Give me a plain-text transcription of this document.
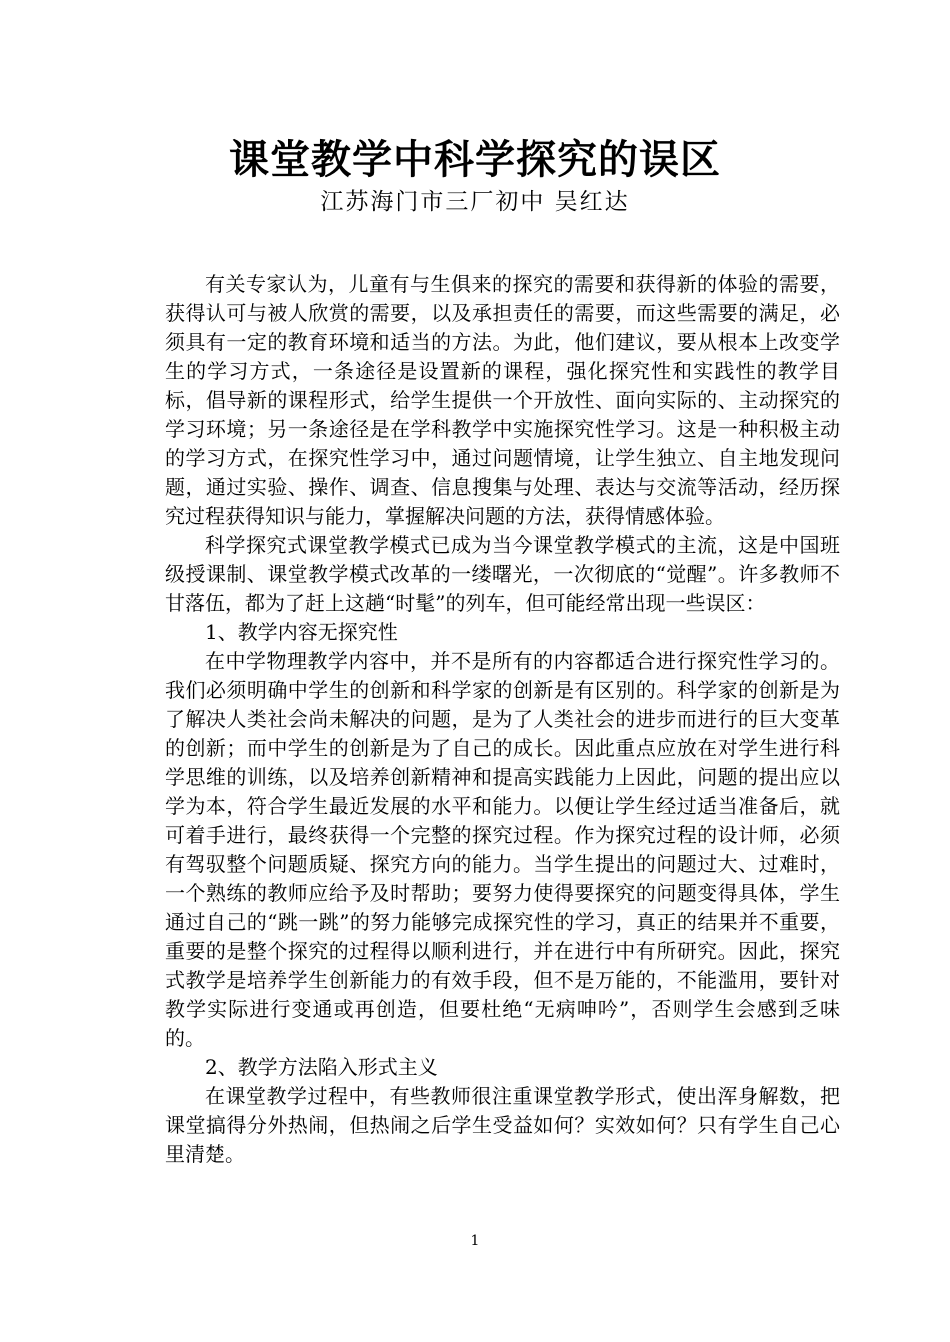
课堂教学中科学探究的误区
江苏海门市三厂初中 吴红达

有关专家认为，儿童有与生俱来的探究的需要和获得新的体验的需要，获得认可与被人欣赏的需要，以及承担责任的需要，而这些需要的满足，必须具有一定的教育环境和适当的方法。为此，他们建议，要从根本上改变学生的学习方式，一条途径是设置新的课程，强化探究性和实践性的教学目标，倡导新的课程形式，给学生提供一个开放性、面向实际的、主动探究的学习环境；另一条途径是在学科教学中实施探究性学习。这是一种积极主动的学习方式，在探究性学习中，通过问题情境，让学生独立、自主地发现问题，通过实验、操作、调查、信息搜集与处理、表达与交流等活动，经历探究过程获得知识与能力，掌握解决问题的方法，获得情感体验。

科学探究式课堂教学模式已成为当今课堂教学模式的主流，这是中国班级授课制、课堂教学模式改革的一缕曙光，一次彻底的“觉醒”。许多教师不甘落伍，都为了赶上这趟“时髦”的列车，但可能经常出现一些误区：

1、教学内容无探究性

在中学物理教学内容中，并不是所有的内容都适合进行探究性学习的。我们必须明确中学生的创新和科学家的创新是有区别的。科学家的创新是为了解决人类社会尚未解决的问题，是为了人类社会的进步而进行的巨大变革的创新；而中学生的创新是为了自己的成长。因此重点应放在对学生进行科学思维的训练，以及培养创新精神和提高实践能力上因此，问题的提出应以学为本，符合学生最近发展的水平和能力。以便让学生经过适当准备后，就可着手进行，最终获得一个完整的探究过程。作为探究过程的设计师，必须有驾驭整个问题质疑、探究方向的能力。当学生提出的问题过大、过难时，一个熟练的教师应给予及时帮助；要努力使得要探究的问题变得具体，学生通过自己的“跳一跳”的努力能够完成探究性的学习，真正的结果并不重要，重要的是整个探究的过程得以顺利进行，并在进行中有所研究。因此，探究式教学是培养学生创新能力的有效手段，但不是万能的，不能滥用，要针对教学实际进行变通或再创造，但要杜绝“无病呻吟”，否则学生会感到乏味的。

2、教学方法陷入形式主义

在课堂教学过程中，有些教师很注重课堂教学形式，使出浑身解数，把课堂搞得分外热闹，但热闹之后学生受益如何？实效如何？只有学生自己心里清楚。

1
